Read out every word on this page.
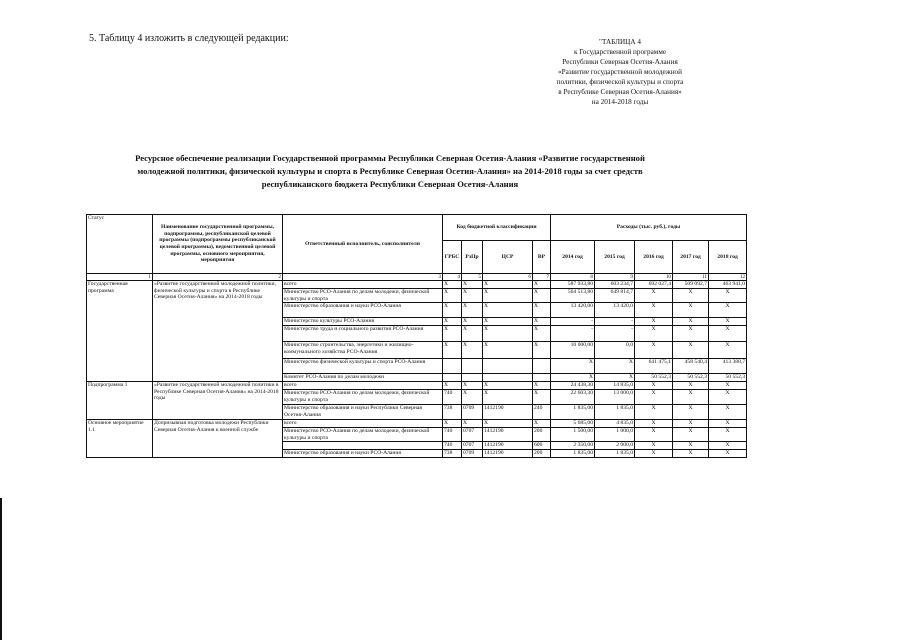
5. Таблицу 4 изложить в следующей редакции:	"ТАБЛИЦА 4
к Государственной программе
Республики Северная Осетия-Алания
«Развитие государственной молодежной
политики, физической культуры и спорта
в Республике Северная Осетия-Алания»
на 2014-2018 годы
Ресурсное обеспечение реализации Государственной программы Республики Северная Осетия-Алания «Развитие государственной
молодежной политики, физической культуры и спорта в Республике Северная Осетия-Алания» на 2014-2018 годы за счет средств
республиканского бюджета Республики Северная Осетия-Алания
Статус	Наименование государственной программы, подпрограммы, республиканской целевой программы (подпрограммы республиканской целевой программы), ведомственной целевой программы, основного мероприятия, мероприятия	Ответственный исполнитель, соисполнители	Код бюджетной классификации				Расходы (тыс. руб.), годы				
			ГРБС	РзПр	ЦСР	ВР	2014 год	2015 год	2016 год	2017 год	2018 год
1	2	3	4	5	6	7	8	9	10	11	12
Государственная программа	«Развитие государственной молодежной политики, физической культуры и спорта в Республике Северная Осетия-Алания» на 2014-2018 годы	всего	X	X	X	X	587 933,80	603 234,7	692 027,4	509 092,7	463 941,0
		Министерство РСО-Алания по делам молодежи, физической культуры и спорта	X	X	X	X	564 513,80	649 814,7	X	X	X
		Министерство образования и науки РСО-Алания	X	X	X	X	13 420,00	13 420,0	X	X	X
		Министерство культуры РСО-Алания	X	X	X	X	-	-	X	X	X
		Министерство труда и социального развития РСО-Алания	X	X	X	X	-	-	X	X	X
		Министерство строительства, энергетики и жилищно-коммунального хозяйства РСО-Алания	X	X	X	X	10 000,00	0,0	X	X	X
		Министерство физической культуры и спорта РСО-Алания					X	X	641 475,1	458 540,4	413 388,7
		Комитет РСО-Алания по делам молодежи					X	X	50 552,3	50 552,3	50 552,3
Подпрограмма 1	«Развитие государственной молодежной политики в Республике Северная Осетия-Алания» на 2014-2018 годы	всего	X	X	X	X	24 438,30	14 835,0	X	X	X
		Министерство РСО-Алания по делам молодежи, физической культуры и спорта	740	X	X	X	22 603,30	13 000,0	X	X	X
		Министерство образования и науки Республики Северная Осетия-Алания	738	0709	1412190	240	1 835,00	1 835,0	X	X	X
Основное мероприятие 1.1	Допризывная подготовка молодежи Республики Северная Осетия-Алания к военной службе	всего	X	X	X	X	5 685,00	4 835,0	X	X	X
		Министерство РСО-Алания по делам молодежи, физической культуры и спорта	740	0707	1412190	200	1 500,00	1 000,0	X	X	X
			740	0707	1412190	600	2 350,00	2 000,0	X	X	X
		Министерство образования и науки РСО-Алания	738	0709	1412190	200	1 835,00	1 835,0	X	X	X
